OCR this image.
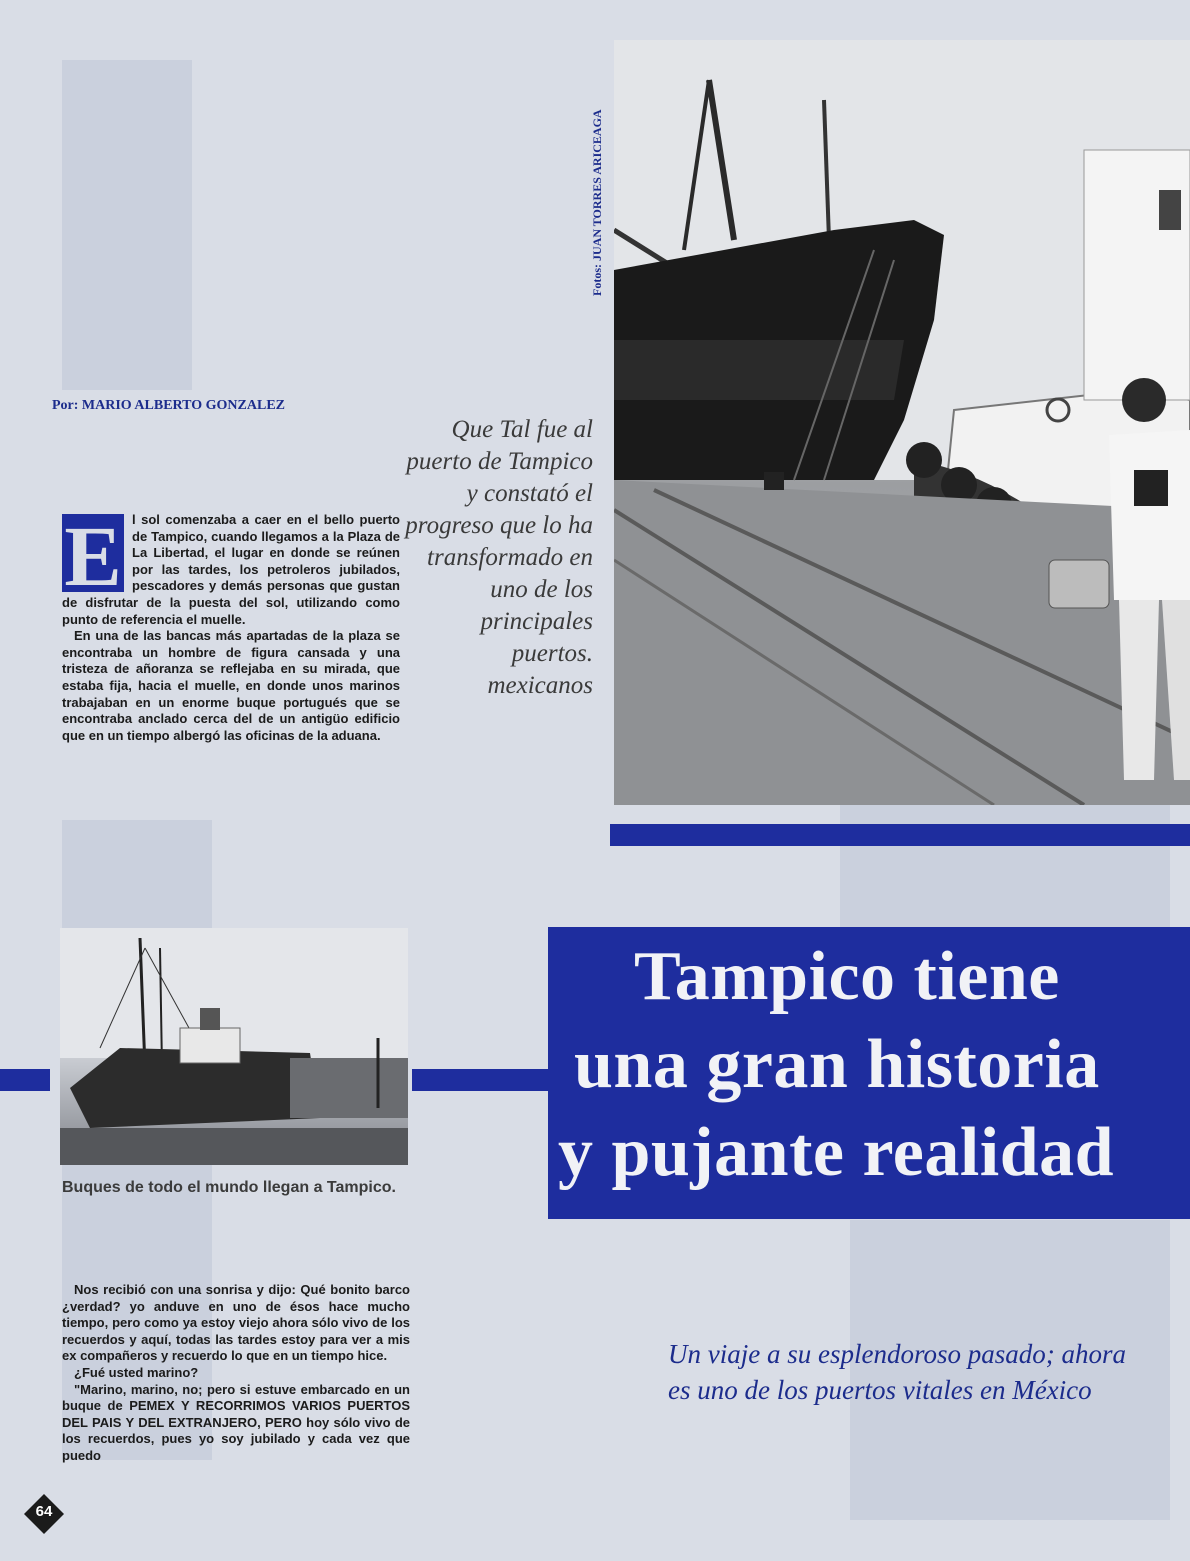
Por: MARIO ALBERTO GONZALEZ
Fotos: JUAN TORRES ARICEAGA
Que Tal fue al puerto de Tampico y constató el progreso que lo ha transformado en uno de los principales puertos. mexicanos
E l sol comenzaba a caer en el bello puerto de Tampico, cuando llegamos a la Plaza de La Libertad, el lugar en donde se reúnen por las tardes, los petroleros jubilados, pescadores y demás personas que gustan de disfrutar de la puesta del sol, utilizando como punto de referencia el muelle.

En una de las bancas más apartadas de la plaza se encontraba un hombre de figura cansada y una tristeza de añoranza se reflejaba en su mirada, que estaba fija, hacia el muelle, en donde unos marinos trabajaban en un enorme buque portugués que se encontraba anclado cerca del de un antigüo edificio que en un tiempo albergó las oficinas de la aduana.

Buques de todo el mundo llegan a Tampico.

Nos recibió con una sonrisa y dijo: Qué bonito barco ¿verdad? yo anduve en uno de ésos hace mucho tiempo, pero como ya estoy viejo ahora sólo vivo de los recuerdos y aquí, todas las tardes estoy para ver a mis ex compañeros y recuerdo lo que en un tiempo hice.

¿Fué usted marino?

"Marino, marino, no; pero si estuve embarcado en un buque de PEMEX Y RECORRIMOS VARIOS PUERTOS DEL PAIS Y DEL EXTRANJERO, PERO hoy sólo vivo de los recuerdos, pues yo soy jubilado y cada vez que puedo

Tampico tiene
una gran historia
y pujante realidad
Un viaje a su esplendoroso pasado; ahora es uno de los puertos vitales en México
64
